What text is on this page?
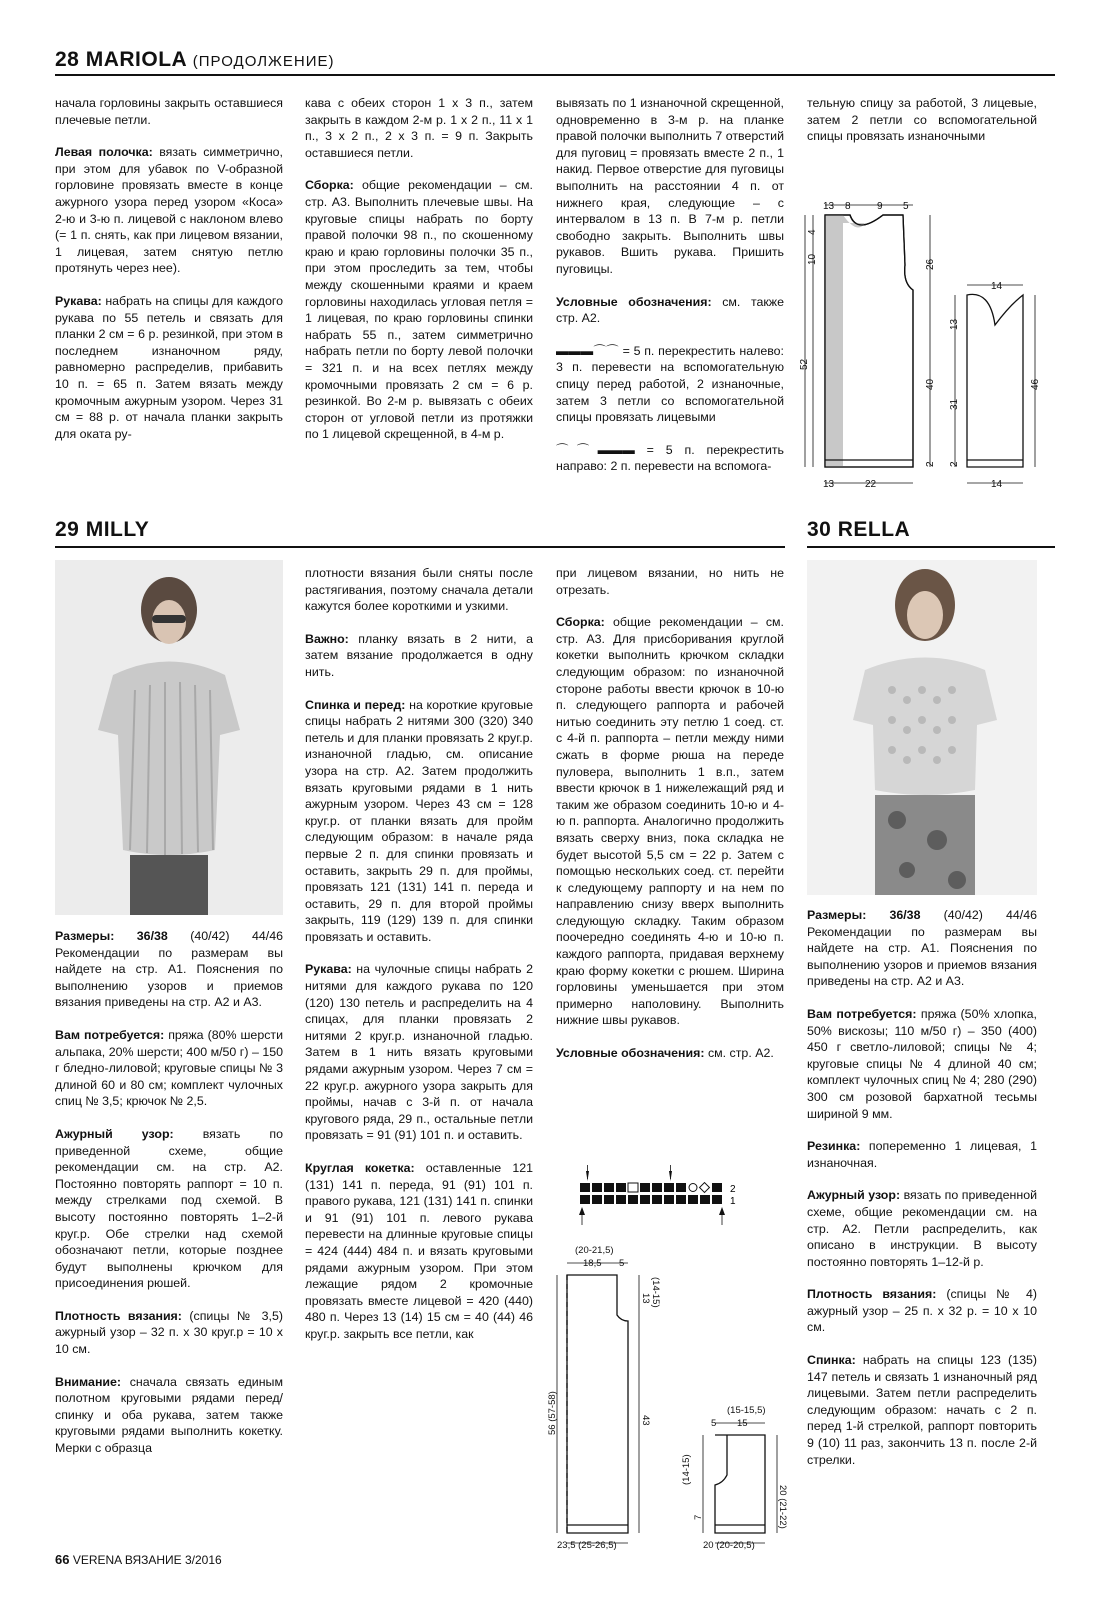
28 MARIOLA (ПРОДОЛЖЕНИЕ)
29 MILLY	30 RELLA

начала горловины закрыть оставшиеся плечевые петли.

Левая полочка: вязать симметрично, при этом для убавок по V-образной горловине провязать вместе в конце ажурного узора перед узором «Коса» 2-ю и 3-ю п. лицевой с наклоном влево (= 1 п. снять, как при лицевом вязании, 1 лицевая, затем снятую петлю протянуть через нее).

Рукава: набрать на спицы для каждого рукава по 55 петель и связать для планки 2 см = 6 р. резинкой, при этом в последнем изнаночном ряду, равномерно распределив, прибавить 10 п. = 65 п. Затем вязать между кромочным ажурным узором. Через 31 см = 88 р. от начала планки закрыть для оката ру-

кава с обеих сторон 1 х 3 п., затем закрыть в каждом 2-м р. 1 х 2 п., 11 х 1 п., 3 х 2 п., 2 х 3 п. = 9 п. Закрыть оставшиеся петли.

Сборка: общие рекомендации – см. стр. А3. Выполнить плечевые швы. На круговые спицы набрать по борту правой полочки 98 п., по скошенному краю и краю горловины полочки 35 п., при этом проследить за тем, чтобы между скошенными краями и краем горловины находилась угловая петля = 1 лицевая, по краю горловины спинки набрать 55 п., затем симметрично набрать петли по борту левой полочки = 321 п. и на всех петлях между кромочными провязать 2 см = 6 р. резинкой. Во 2-м р. вывязать с обеих сторон от угловой петли из протяжки по 1 лицевой скрещенной, в 4-м р.

вывязать по 1 изнаночной скрещенной, одновременно в 3-м р. на планке правой полочки выполнить 7 отверстий для пуговиц = провязать вместе 2 п., 1 накид. Первое отверстие для пуговицы выполнить на расстоянии 4 п. от нижнего края, следующие – с интервалом в 13 п. В 7-м р. петли свободно закрыть. Выполнить швы рукавов. Вшить рукава. Пришить пуговицы.

Условные обозначения: см. также стр. А2.

▬▬▬⌒⌒ = 5 п. перекрестить налево: 3 п. перевести на вспомогательную спицу перед работой, 2 изнаночные, затем 3 петли со вспомогательной спицы провязать лицевыми

⌒⌒▬▬▬ = 5 п. перекрестить направо: 2 п. перевести на вспомога-

тельную спицу за работой, 3 лицевые, затем 2 петли со вспомогательной спицы провязать изнаночными

13 8	9 5
10
4
52
26
40
2
13	22
14
13
31
2
46
14

Размеры: 36/38 (40/42) 44/46 Рекомендации по размерам вы найдете на стр. А1. Пояснения по выполнению узоров и приемов вязания приведены на стр. А2 и А3.

Вам потребуется: пряжа (80% шерсти альпака, 20% шерсти; 400 м/50 г) – 150 г бледно-лиловой; круговые спицы № 3 длиной 60 и 80 см; комплект чулочных спиц № 3,5; крючок № 2,5.

Ажурный узор: вязать по приведенной схеме, общие рекомендации см. на стр. А2. Постоянно повторять раппорт = 10 п. между стрелками под схемой. В высоту постоянно повторять 1–2-й круг.р. Обе стрелки над схемой обозначают петли, которые позднее будут выполнены крючком для присоединения рюшей.

Плотность вязания: (спицы № 3,5) ажурный узор – 32 п. х 30 круг.р = 10 х 10 см.

Внимание: сначала связать единым полотном круговыми рядами перед/спинку и оба рукава, затем также круговыми рядами выполнить кокетку. Мерки с образца

плотности вязания были сняты после растягивания, поэтому сначала детали кажутся более короткими и узкими.

Важно: планку вязать в 2 нити, а затем вязание продолжается в одну нить.

Спинка и перед: на короткие круговые спицы набрать 2 нитями 300 (320) 340 петель и для планки провязать 2 круг.р. изнаночной гладью, см. описание узора на стр. А2. Затем продолжить вязать круговыми рядами в 1 нить ажурным узором. Через 43 см = 128 круг.р. от планки вязать для пройм следующим образом: в начале ряда первые 2 п. для спинки провязать и оставить, закрыть 29 п. для проймы, провязать 121 (131) 141 п. переда и оставить, 29 п. для второй проймы закрыть, 119 (129) 139 п. для спинки провязать и оставить.

Рукава: на чулочные спицы набрать 2 нитями для каждого рукава по 120 (120) 130 петель и распределить на 4 спицах, для планки провязать 2 нитями 2 круг.р. изнаночной гладью. Затем в 1 нить вязать круговыми рядами ажурным узором. Через 7 см = 22 круг.р. ажурного узора закрыть для проймы, начав с 3-й п. от начала кругового ряда, 29 п., остальные петли провязать = 91 (91) 101 п. и оставить.

Круглая кокетка: оставленные 121 (131) 141 п. переда, 91 (91) 101 п. правого рукава, 121 (131) 141 п. спинки и 91 (91) 101 п. левого рукава перевести на длинные круговые спицы = 424 (444) 484 п. и вязать круговыми рядами ажурным узором. При этом лежащие рядом 2 кромочные провязать вместе лицевой = 420 (440) 480 п. Через 13 (14) 15 см = 40 (44) 46 круг.р. закрыть все петли, как

при лицевом вязании, но нить не отрезать.

Сборка: общие рекомендации – см. стр. А3. Для присборивания круглой кокетки выполнить крючком складки следующим образом: по изнаночной стороне работы ввести крючок в 10-ю п. следующего раппорта и рабочей нитью соединить эту петлю 1 соед. ст. с 4-й п. раппорта – петли между ними сжать в форме рюша на переде пуловера, выполнить 1 в.п., затем ввести крючок в 1 нижележащий ряд и таким же образом соединить 10-ю и 4-ю п. раппорта. Аналогично продолжить вязать сверху вниз, пока складка не будет высотой 5,5 см = 22 р. Затем с помощью нескольких соед. ст. перейти к следующему раппорту и на нем по направлению снизу вверх выполнить следующую складку. Таким образом поочередно соединять 4-ю и 10-ю п. каждого раппорта, придавая верхнему краю форму кокетки с рюшем. Ширина горловины уменьшается при этом примерно наполовину. Выполнить нижние швы рукавов.

Условные обозначения: см. стр. А2.

2
1
(20-21,5)
18,5 5
13 (14-15)
43
56 (57-58)
23,5 (25-26,5)
(15-15,5)
5 15
(14-15)
7	20 (21-22)
20 (20-20,5)

Размеры: 36/38 (40/42) 44/46 Рекомендации по размерам вы найдете на стр. А1. Пояснения по выполнению узоров и приемов вязания приведены на стр. А2 и А3.

Вам потребуется: пряжа (50% хлопка, 50% вискозы; 110 м/50 г) – 350 (400) 450 г светло-лиловой; спицы № 4; круговые спицы № 4 длиной 40 см; комплект чулочных спиц № 4; 280 (290) 300 см розовой бархатной тесьмы шириной 9 мм.

Резинка: попеременно 1 лицевая, 1 изнаночная.

Ажурный узор: вязать по приведенной схеме, общие рекомендации см. на стр. А2. Петли распределить, как описано в инструкции. В высоту постоянно повторять 1–12-й р.

Плотность вязания: (спицы № 4) ажурный узор – 25 п. х 32 р. = 10 х 10 см.

Спинка: набрать на спицы 123 (135) 147 петель и связать 1 изнаночный ряд лицевыми. Затем петли распределить следующим образом: начать с 2 п. перед 1-й стрелкой, раппорт повторить 9 (10) 11 раз, закончить 13 п. после 2-й стрелки.

66 VERENA ВЯЗАНИЕ 3/2016
